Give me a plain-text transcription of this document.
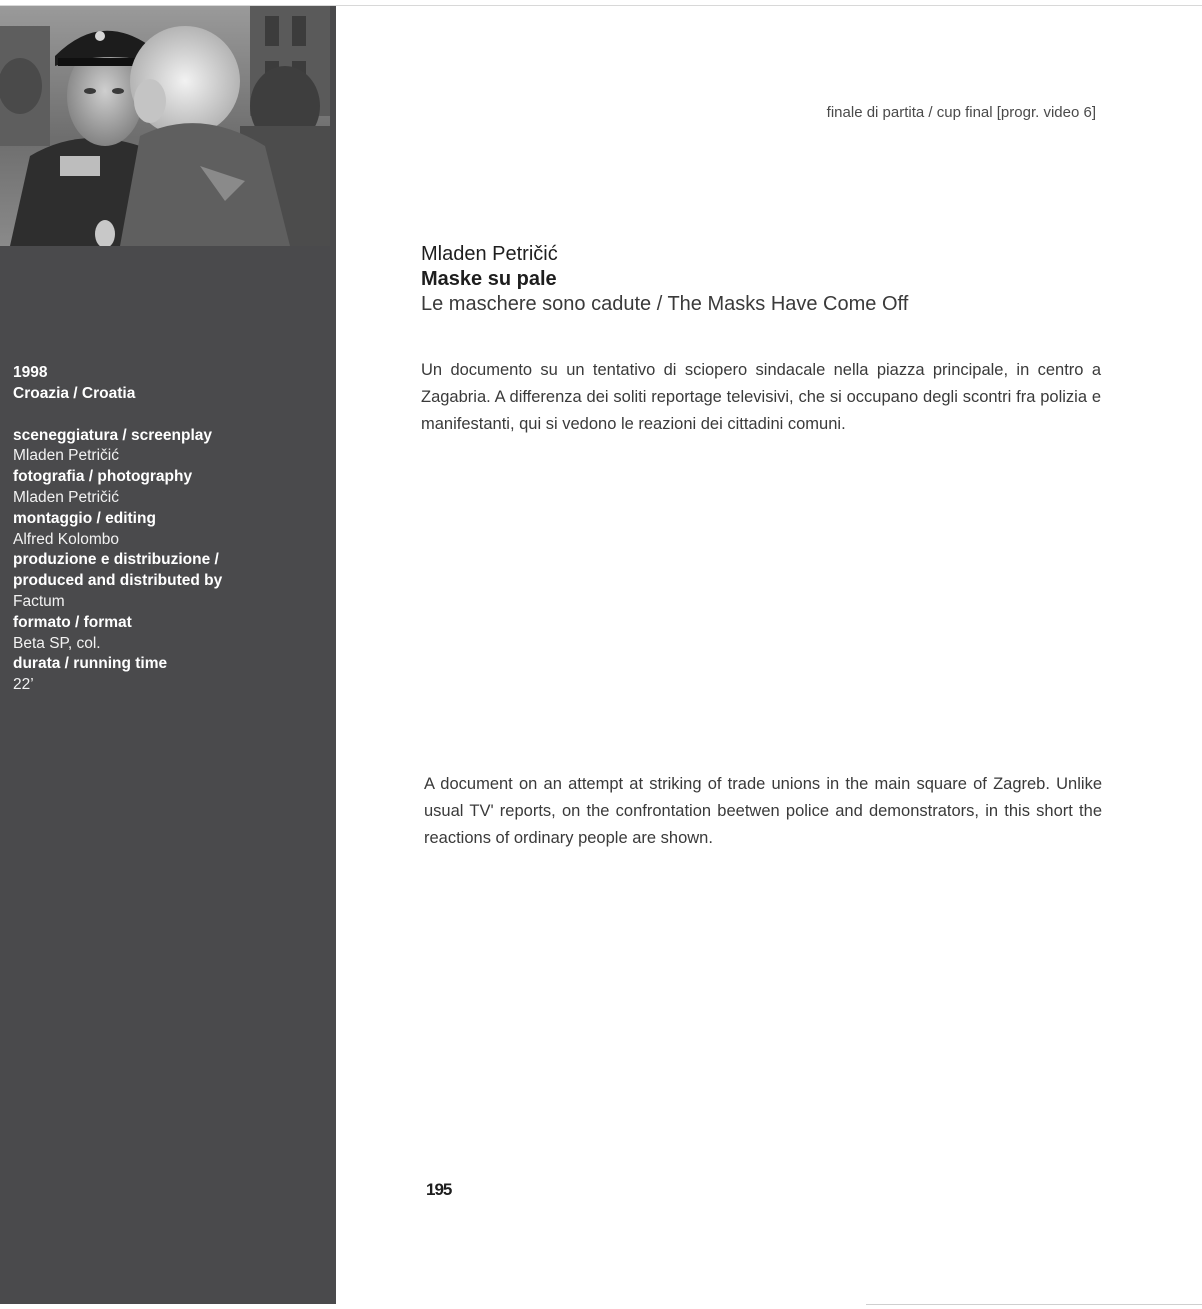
1998
Croazia / Croatia
sceneggiatura / screenplay
Mladen Petričić
fotografia / photography
Mladen Petričić
montaggio / editing
Alfred Kolombo
produzione e distribuzione /
produced and distributed by
Factum
formato / format
Beta SP, col.
durata / running time
22’
finale di partita / cup final [progr. video 6]
Mladen Petričić
Maske su pale
Le maschere sono cadute / The Masks Have Come Off
Un documento su un tentativo di sciopero sindacale nella piazza principale, in centro a Zagabria. A differenza dei soliti reportage televisivi, che si occupano degli scontri fra polizia e manifestanti, qui si vedono le reazioni dei cittadini comuni.
A document on an attempt at striking of trade unions in the main square of Zagreb. Unlike usual TV' reports, on the confrontation beetwen police and demonstrators, in this short the reactions of ordinary people are shown.
195
